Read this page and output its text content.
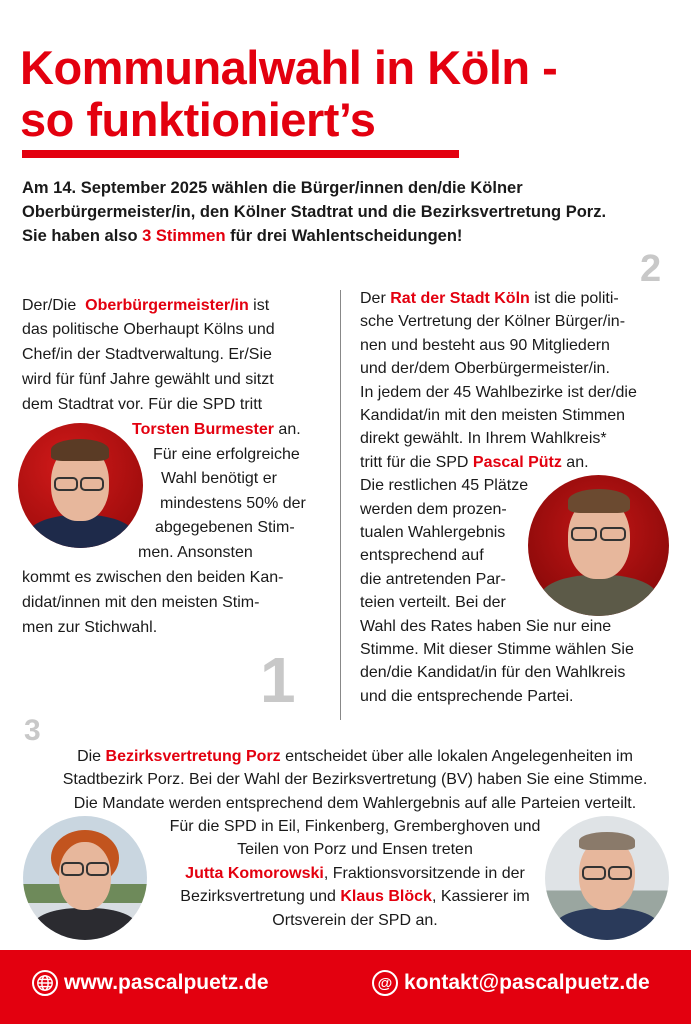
Kommunalwahl in Köln -
so funktioniert’s
Am 14. September 2025 wählen die Bürger/innen den/die Kölner
Oberbürgermeister/in, den Kölner Stadtrat und die Bezirksvertretung Porz.
Sie haben also 3 Stimmen für drei Wahlentscheidungen!
1
Der/Die  Oberbürgermeister/in ist
das politische Oberhaupt Kölns und
Chef/in der Stadtverwaltung. Er/Sie
wird für fünf Jahre gewählt und sitzt
dem Stadtrat vor. Für die SPD tritt
Torsten Burmester an.
Für eine erfolgreiche
Wahl benötigt er
mindestens 50% der
abgegebenen Stim-
men. Ansonsten
kommt es zwischen den beiden Kan-
didat/innen mit den meisten Stim-
men zur Stichwahl.
2
Der Rat der Stadt Köln ist die politi-
sche Vertretung der Kölner Bürger/in-
nen und besteht aus 90 Mitgliedern
und der/dem Oberbürgermeister/in.
In jedem der 45 Wahlbezirke ist der/die
Kandidat/in mit den meisten Stimmen
direkt gewählt. In Ihrem Wahlkreis*
tritt für die SPD Pascal Pütz an.
Die restlichen 45 Plätze
werden dem prozen-
tualen Wahlergebnis
entsprechend auf
die antretenden Par-
teien verteilt. Bei der
Wahl des Rates haben Sie nur eine
Stimme. Mit dieser Stimme wählen Sie
den/die Kandidat/in für den Wahlkreis
und die entsprechende Partei.
3
Die Bezirksvertretung Porz entscheidet über alle lokalen Angelegenheiten im
Stadtbezirk Porz. Bei der Wahl der Bezirksvertretung (BV) haben Sie eine Stimme.
Die Mandate werden entsprechend dem Wahlergebnis auf alle Parteien verteilt.
Für die SPD in Eil, Finkenberg, Gremberghoven und
Teilen von Porz und Ensen treten
Jutta Komorowski, Fraktionsvorsitzende in der
Bezirksvertretung und Klaus Blöck, Kassierer im
Ortsverein der SPD an.
www.pascalpuetz.de	@ kontakt@pascalpuetz.de
